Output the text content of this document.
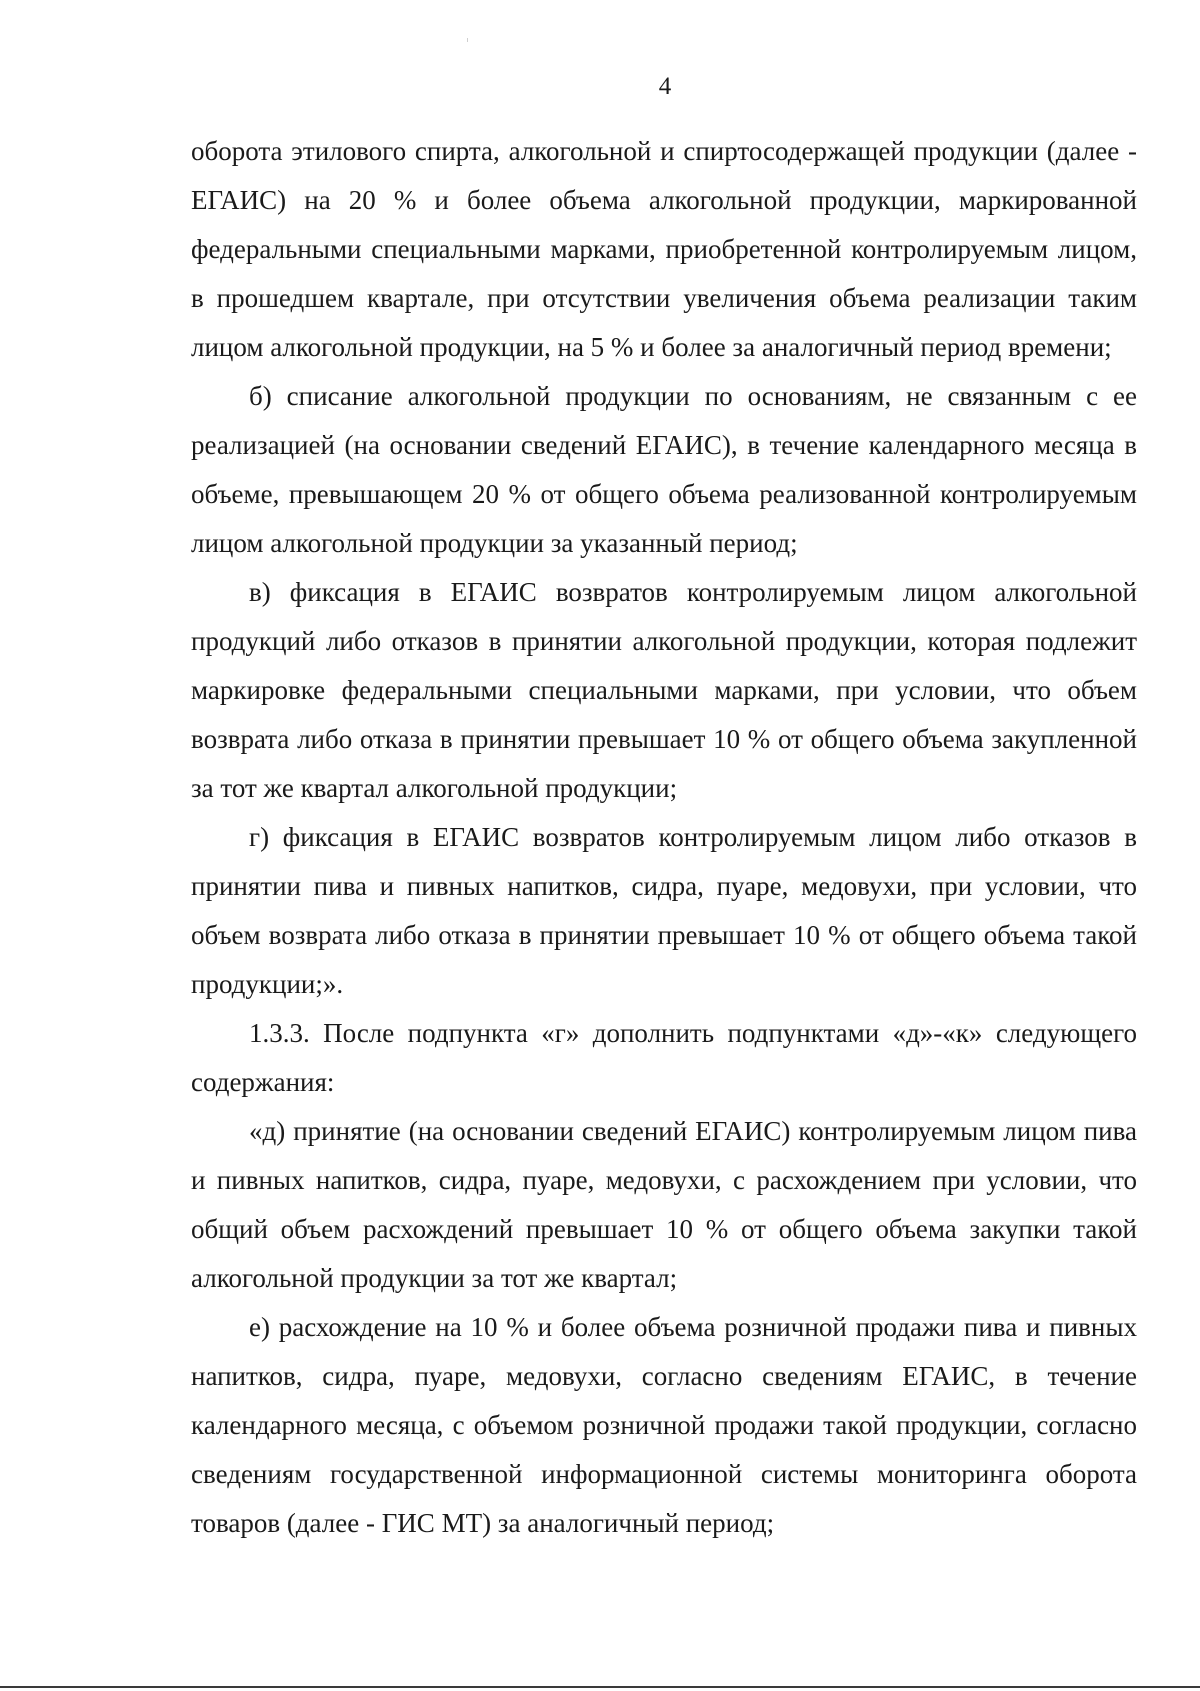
4

оборота этилового спирта, алкогольной и спиртосодержащей продукции (далее - ЕГАИС) на 20 % и более объема алкогольной продукции, маркированной федеральными специальными марками, приобретенной контролируемым лицом, в прошедшем квартале, при отсутствии увеличения объема реализации таким лицом алкогольной продукции, на 5 % и более за аналогичный период времени;

б) списание алкогольной продукции по основаниям, не связанным с ее реализацией (на основании сведений ЕГАИС), в течение календарного месяца в объеме, превышающем 20 % от общего объема реализованной контролируемым лицом алкогольной продукции за указанный период;

в) фиксация в ЕГАИС возвратов контролируемым лицом алкогольной продукций либо отказов в принятии алкогольной продукции, которая подлежит маркировке федеральными специальными марками, при условии, что объем возврата либо отказа в принятии превышает 10 % от общего объема закупленной за тот же квартал алкогольной продукции;

г) фиксация в ЕГАИС возвратов контролируемым лицом либо отказов в принятии пива и пивных напитков, сидра, пуаре, медовухи, при условии, что объем возврата либо отказа в принятии превышает 10 % от общего объема такой продукции;».

1.3.3. После подпункта «г» дополнить подпунктами «д»-«к» следующего содержания:

«д) принятие (на основании сведений ЕГАИС) контролируемым лицом пива и пивных напитков, сидра, пуаре, медовухи, с расхождением при условии, что общий объем расхождений превышает 10 % от общего объема закупки такой алкогольной продукции за тот же квартал;

е) расхождение на 10 % и более объема розничной продажи пива и пивных напитков, сидра, пуаре, медовухи, согласно сведениям ЕГАИС, в течение календарного месяца, с объемом розничной продажи такой продукции, согласно сведениям государственной информационной системы мониторинга оборота товаров (далее - ГИС МТ) за аналогичный период;
